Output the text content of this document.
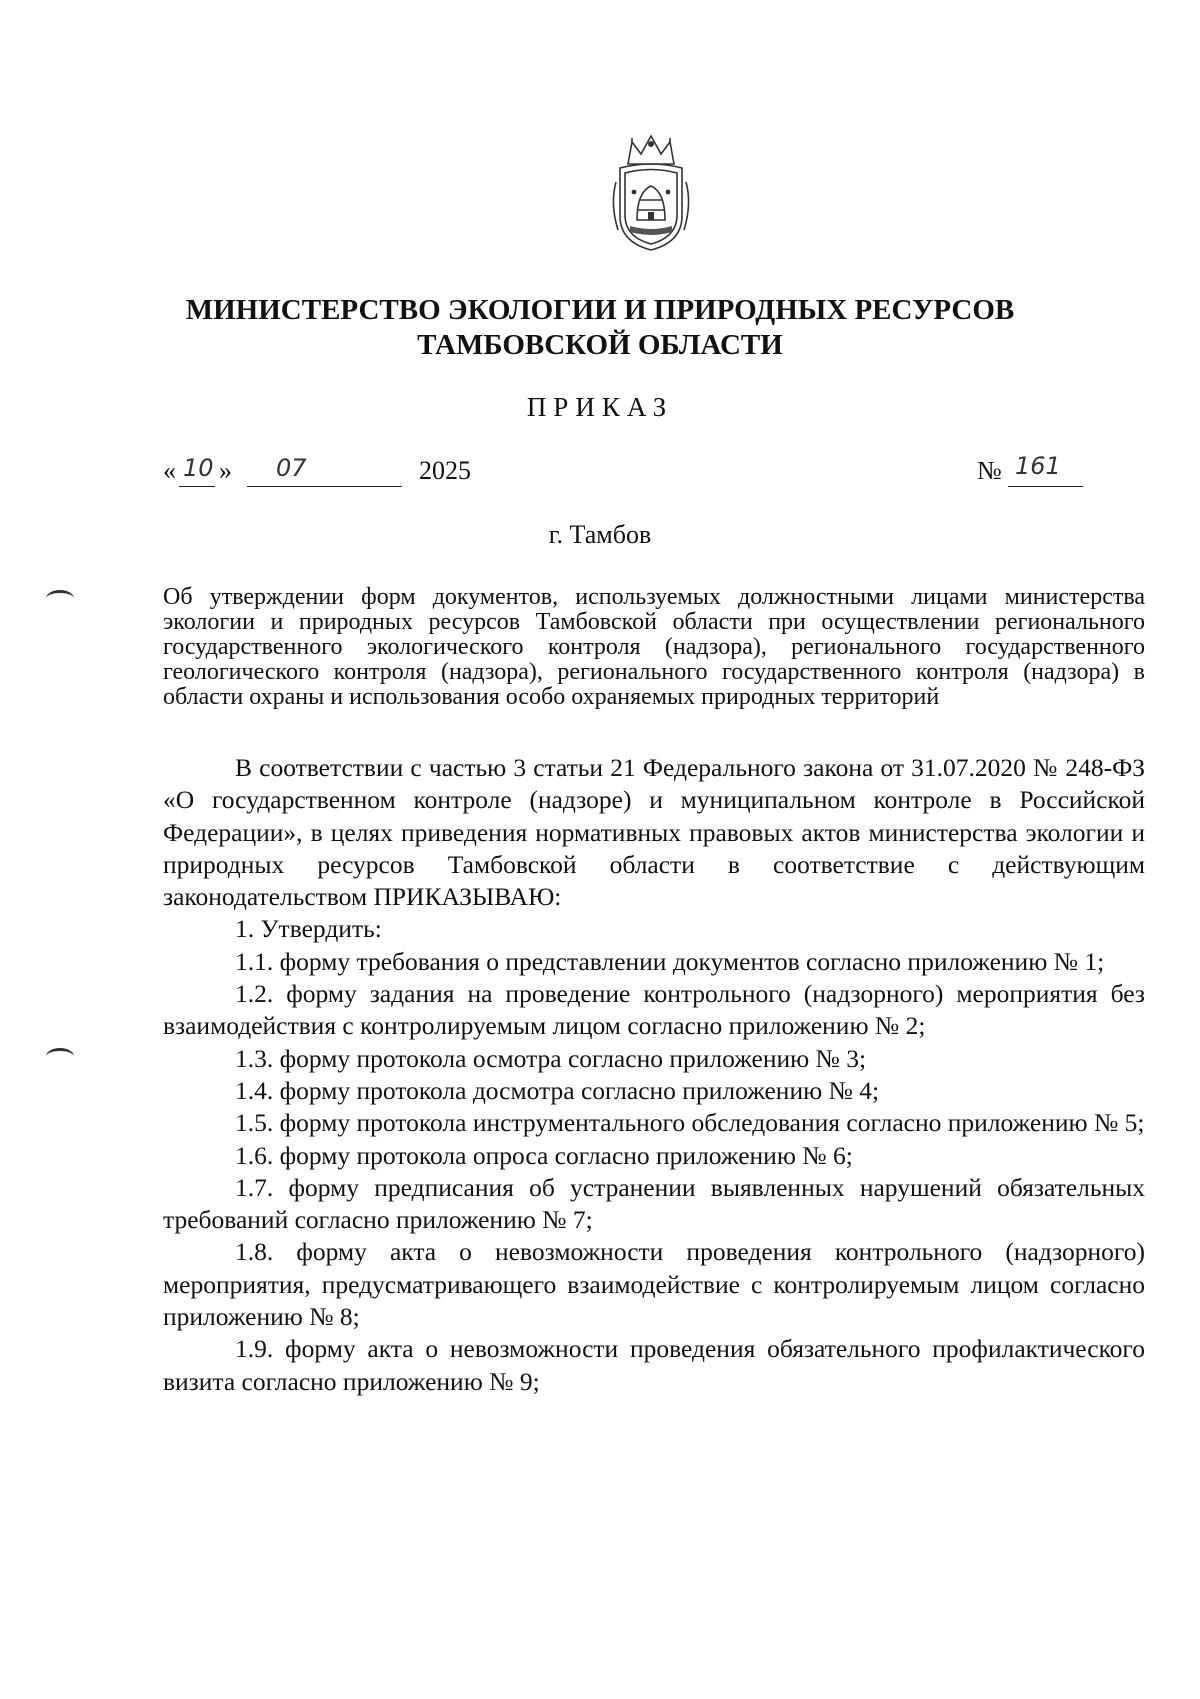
МИНИСТЕРСТВО ЭКОЛОГИИ И ПРИРОДНЫХ РЕСУРСОВ
ТАМБОВСКОЙ ОБЛАСТИ
ПРИКАЗ
« 10 » 07	2025	№ 161
г. Тамбов
Об утверждении форм документов, используемых должностными лицами министерства экологии и природных ресурсов Тамбовской области при осуществлении регионального государственного экологического контроля (надзора), регионального государственного геологического контроля (надзора), регионального государственного контроля (надзора) в области охраны и использования особо охраняемых природных территорий

В соответствии с частью 3 статьи 21 Федерального закона от 31.07.2020 № 248-ФЗ «О государственном контроле (надзоре) и муниципальном контроле в Российской Федерации», в целях приведения нормативных правовых актов министерства экологии и природных ресурсов Тамбовской области в соответствие с действующим законодательством ПРИКАЗЫВАЮ:

1. Утвердить:

1.1. форму требования о представлении документов согласно приложению № 1;

1.2. форму задания на проведение контрольного (надзорного) мероприятия без взаимодействия с контролируемым лицом согласно приложению № 2;

1.3. форму протокола осмотра согласно приложению № 3;

1.4. форму протокола досмотра согласно приложению № 4;

1.5. форму протокола инструментального обследования согласно приложению № 5;

1.6. форму протокола опроса согласно приложению № 6;

1.7. форму предписания об устранении выявленных нарушений обязательных требований согласно приложению № 7;

1.8. форму акта о невозможности проведения контрольного (надзорного) мероприятия, предусматривающего взаимодействие с контролируемым лицом согласно приложению № 8;

1.9. форму акта о невозможности проведения обязательного профилактического визита согласно приложению № 9;
